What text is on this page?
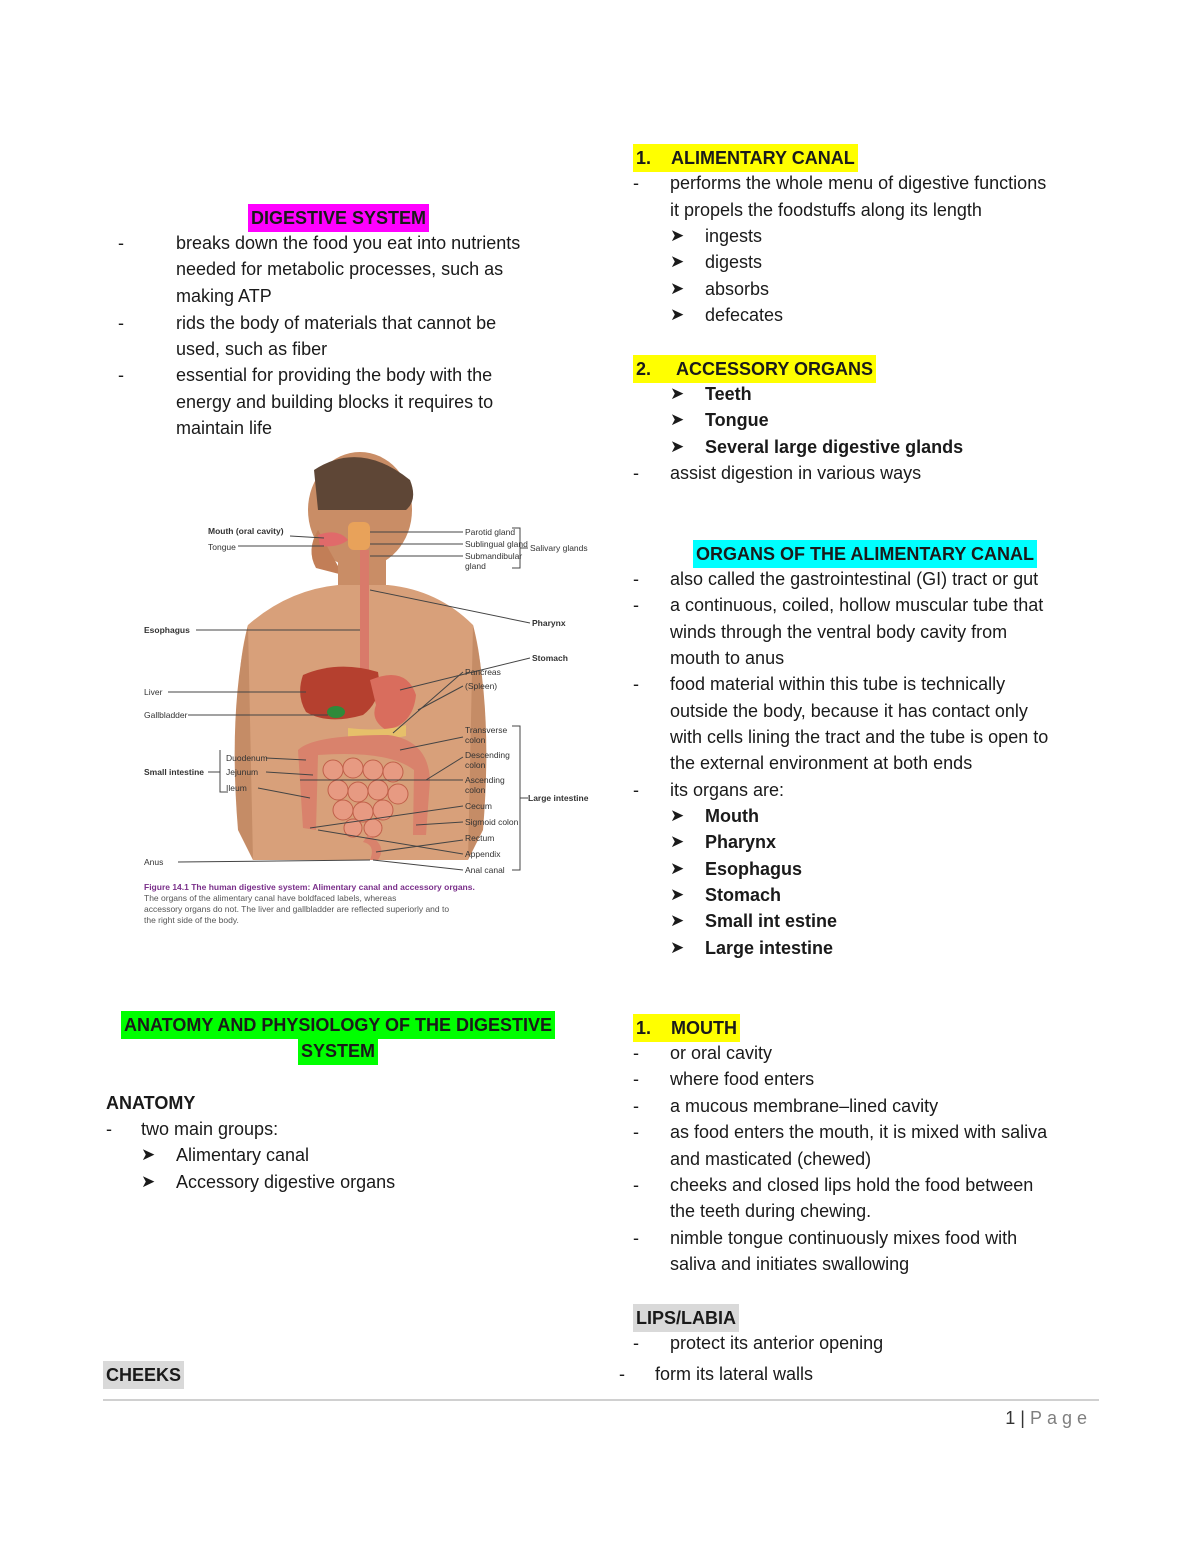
DIGESTIVE SYSTEM
-	breaks down the food you eat into nutrients
needed for metabolic processes, such as
making ATP
-	rids the body of materials that cannot be
used, such as fiber
-	essential for providing the body with the
energy and building blocks it requires to
maintain life
Mouth (oral cavity)
Tongue
Esophagus
Liver
Gallbladder
Small intestine
Anus
Duodenum
Jejunum
Ileum
Parotid gland
Sublingual gland
Submandibular
gland
Salivary glands
Pharynx
Stomach
Pancreas
(Spleen)
Transverse
colon
Descending
colon
Ascending
colon
Cecum
Sigmoid colon
Rectum
Appendix
Anal canal
Large intestine
Figure 14.1 The human digestive system: Alimentary canal and accessory organs.
The organs of the alimentary canal have boldfaced labels, whereas
accessory organs do not. The liver and gallbladder are reflected superiorly and to
the right side of the body.
ANATOMY AND PHYSIOLOGY OF THE DIGESTIVE
SYSTEM
ANATOMY
- two main groups:
➤ Alimentary canal
➤ Accessory digestive organs
CHEEKS
1. ALIMENTARY CANAL
- performs the whole menu of digestive functions
it propels the foodstuffs along its length
➤ ingests
➤ digests
➤ absorbs
➤ defecates
2. ACCESSORY ORGANS
➤ Teeth
➤ Tongue
➤ Several large digestive glands
- assist digestion in various ways
ORGANS OF THE ALIMENTARY CANAL
- also called the gastrointestinal (GI) tract or gut
- a continuous, coiled, hollow muscular tube that
winds through the ventral body cavity from
mouth to anus
- food material within this tube is technically
outside the body, because it has contact only
with cells lining the tract and the tube is open to
the external environment at both ends
- its organs are:
➤ Mouth
➤ Pharynx
➤ Esophagus
➤ Stomach
➤ Small int estine
➤ Large intestine
1. MOUTH
- or oral cavity
- where food enters
- a mucous membrane–lined cavity
- as food enters the mouth, it is mixed with saliva
and masticated (chewed)
- cheeks and closed lips hold the food between
the teeth during chewing.
- nimble tongue continuously mixes food with
saliva and initiates swallowing
LIPS/LABIA
- protect its anterior opening
- form its lateral walls
1 | Page
